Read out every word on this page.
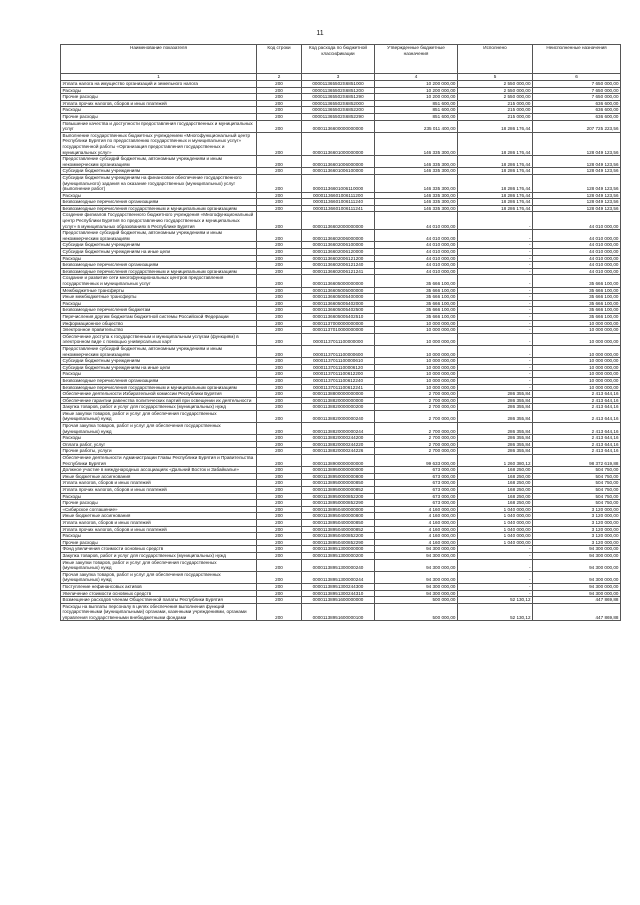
11
Наименование показателя	Код строки	Код расхода по бюджетной классификации	Утвержденные бюджетные назначения	Исполнено	Неисполненные назначения
1	2	3	4	5	6
Уплата налога на имущество организаций и земельного налога	200	000011365502S6851000	10 200 000,00	2 550 000,00	7 650 000,00
Расходы	200	000011365502S6851200	10 200 000,00	2 550 000,00	7 650 000,00
Прочие расходы	200	000011365502S6851290	10 200 000,00	2 550 000,00	7 650 000,00
Уплата прочих налогов, сборов и иных платежей	200	000011365502S6852000	851 600,00	215 000,00	636 600,00
Расходы	200	000011365502S6852200	851 600,00	215 000,00	636 600,00
Прочие расходы	200	000011365502S6852290	851 600,00	215 000,00	636 600,00
Повышение качества и доступности предоставления государственных и муниципальных услуг	200	00001136600000000000	235 011 400,00	18 286 176,44	207 725 223,56
Выполнение государственных бюджетных учреждением «Многофункциональный центр Республики Бурятия по предоставлению государственных и муниципальных услуг» государственной работы «Организация предоставления государственных и муниципальных услуг»	200	00001136601000000000	146 335 300,00	18 286 176,44	128 049 123,56
Предоставление субсидий бюджетным, автономным учреждениям и иным некоммерческим организациям	200	00001136601006000000	146 335 300,00	18 286 176,44	128 049 123,56
Субсидии бюджетным учреждениям	200	00001136601006100000	146 335 300,00	18 286 176,44	128 049 123,56
Субсидии бюджетным учреждениям на финансовое обеспечение государственного (муниципального) задания на оказание государственных (муниципальных) услуг (выполнение работ)	200	00001136601006110000	146 335 300,00	18 286 176,44	128 049 123,56
Расходы	200	00001136601006111200	146 335 300,00	18 286 176,44	128 049 123,56
Безвозмездные перечисления организациям	200	00001136601006111240	146 335 300,00	18 286 176,44	128 049 123,56
Безвозмездные перечисления государственным и муниципальным организациям	200	00001136601006111241	146 335 300,00	18 286 176,44	128 049 123,56
Создение филиалов Государственного бюджетного учреждения «Многофункциональный центр Республики Бурятия по предоставлению государственных и муниципальных услуг» в муниципальных образованиях в Республике Бурятия	200	00001136602000000000	44 010 000,00	-	44 010 000,00
Предоставление субсидий бюджетным, автономным учреждениям и иным некоммерческим организациям	200	00001136602006000000	44 010 000,00	-	44 010 000,00
Субсидии бюджетным учреждениям	200	00001136602006100000	44 010 000,00	-	44 010 000,00
Субсидии бюджетным учреждениям на иные цели	200	00001136602006120000	44 010 000,00	-	44 010 000,00
Расходы	200	00001136602006121200	44 010 000,00	-	44 010 000,00
Безвозмездные перечисления организациям	200	00001136602006121240	44 010 000,00	-	44 010 000,00
Безвозмездные перечисления государственным и муниципальным организациям	200	00001136602006121241	44 010 000,00	-	44 010 000,00
Создание и развитие сети многофункциональных центров предоставления государственных и муниципальных услуг	200	00001136605000000000	35 666 100,00	-	35 666 100,00
Межбюджетные трансферты	200	00001136605005000000	35 666 100,00	-	35 666 100,00
Иные межбюджетные трансферты	200	00001136605005400000	35 666 100,00	-	35 666 100,00
Расходы	200	00001136605005402000	35 666 100,00	-	35 666 100,00
Безвозмездные перечисления бюджетам	200	00001136605005402500	35 666 100,00	-	35 666 100,00
Перечисления другим бюджетам бюджетной системы Российской Федерации	200	00001136605005402510	35 666 100,00	-	35 666 100,00
Информационное общество	200	00001137000000000000	10 000 000,00	-	10 000 000,00
Электронное правительство	200	00001137010000000000	10 000 000,00	-	10 000 000,00
Обеспечение доступа к государственным и муниципальным услугам (функциям) в электронном виде с помощью универсальных карт	200	00001137011100000000	10 000 000,00	-	10 000 000,00
Предоставление субсидий бюджетным, автономным учреждениям и иным некоммерческим организациям	200	00001137011100000600	10 000 000,00	-	10 000 000,00
Субсидии бюджетным учреждениям	200	00001137011100000610	10 000 000,00	-	10 000 000,00
Субсидии бюджетным учреждениям на иные цели	200	00001137011100006120	10 000 000,00	-	10 000 000,00
Расходы	200	00001137011100612200	10 000 000,00	-	10 000 000,00
Безвозмездные перечисления организациям	200	00001137011100612240	10 000 000,00	-	10 000 000,00
Безвозмездные перечисления государственным и муниципальным организациям	200	00001137011100612241	10 000 000,00	-	10 000 000,00
Обеспечение деятельности Избирательной комиссии Республики Бурятия	200	00001138800000000000	2 700 000,00	286 355,84	2 413 644,16
Обеспечение гарантии равенства политических партий при освещении их деятельности	200	00001138820000000000	2 700 000,00	286 355,84	2 413 644,16
Закупка товаров, работ и услуг для государственных (муниципальных) нужд	200	00001138820000000200	2 700 000,00	286 355,84	2 413 644,16
Иные закупки товаров, работ и услуг для обеспечения государственных (муниципальных) нужд	200	00001138820000000240	2 700 000,00	286 355,84	2 413 644,16
Прочая закупка товаров, работ и услуг для обеспечения государственных (муниципальных) нужд	200	00001138820000000244	2 700 000,00	286 355,84	2 413 644,16
Расходы	200	00001138820000244200	2 700 000,00	286 355,84	2 413 644,16
Оплата работ, услуг	200	00001138820000244220	2 700 000,00	286 355,84	2 413 644,16
Прочие работы, услуги	200	00001138820000244226	2 700 000,00	286 355,84	2 413 644,16
Обеспечение деятельности Администрации Главы Республики Бурятия и Правительства Республики Бурятия	200	00001138900000000000	99 633 000,00	1 260 380,12	98 372 619,88
Должное участие в международных ассоциациях «Дальний Восток и Забайкалье»	200	00001138950000000000	673 000,00	168 250,00	504 750,00
Иные бюджетные ассигнования	200	00001138950000000800	673 000,00	168 250,00	504 750,00
Уплата налогов, сборов и иных платежей	200	00001138950000000850	673 000,00	168 250,00	504 750,00
Уплата прочих налогов, сборов и иных платежей	200	00001138950000000852	673 000,00	168 250,00	504 750,00
Расходы	200	00001138950000852200	673 000,00	168 250,00	504 750,00
Прочие расходы	200	00001138950000852290	673 000,00	168 250,00	504 750,00
«Сибирское соглашение»	200	00001138950400000000	4 160 000,00	1 040 000,00	3 120 000,00
Иные бюджетные ассигнования	200	00001138950400000800	4 160 000,00	1 040 000,00	3 120 000,00
Уплата налогов, сборов и иных платежей	200	00001138950400000850	4 160 000,00	1 040 000,00	3 120 000,00
Уплата прочих налогов, сборов и иных платежей	200	00001138950400000852	4 160 000,00	1 040 000,00	3 120 000,00
Расходы	200	00001138950400852200	4 160 000,00	1 040 000,00	3 120 000,00
Прочие расходы	200	00001138950400852290	4 160 000,00	1 040 000,00	3 120 000,00
Фонд увеличения стоимости основных средств	200	00001138951300000000	94 300 000,00	-	94 300 000,00
Закупка товаров, работ и услуг для государственных (муниципальных) нужд	200	00001138951300000200	94 300 000,00	-	94 300 000,00
Иные закупки товаров, работ и услуг для обеспечения государственных (муниципальных) нужд	200	00001138951300000240	94 300 000,00	-	94 300 000,00
Прочая закупка товаров, работ и услуг для обеспечения государственных (муниципальных) нужд	200	00001138951300000244	94 300 000,00	-	94 300 000,00
Поступление нефинансовых активов	200	00001138951300244300	94 300 000,00	-	94 300 000,00
Увеличение стоимости основных средств	200	00001138951300244310	94 300 000,00	-	94 300 000,00
Возмещение расходов членам Общественной палаты Республики Бурятия	200	00001138951600000000	500 000,00	52 130,12	447 869,88
Расходы на выплаты персоналу в целях обеспечения выполнения функций государственными (муниципальными) органами, казенными учреждениями, органами управления государственными внебюджетными фондами	200	00001138951600000100	500 000,00	52 130,12	447 869,88
